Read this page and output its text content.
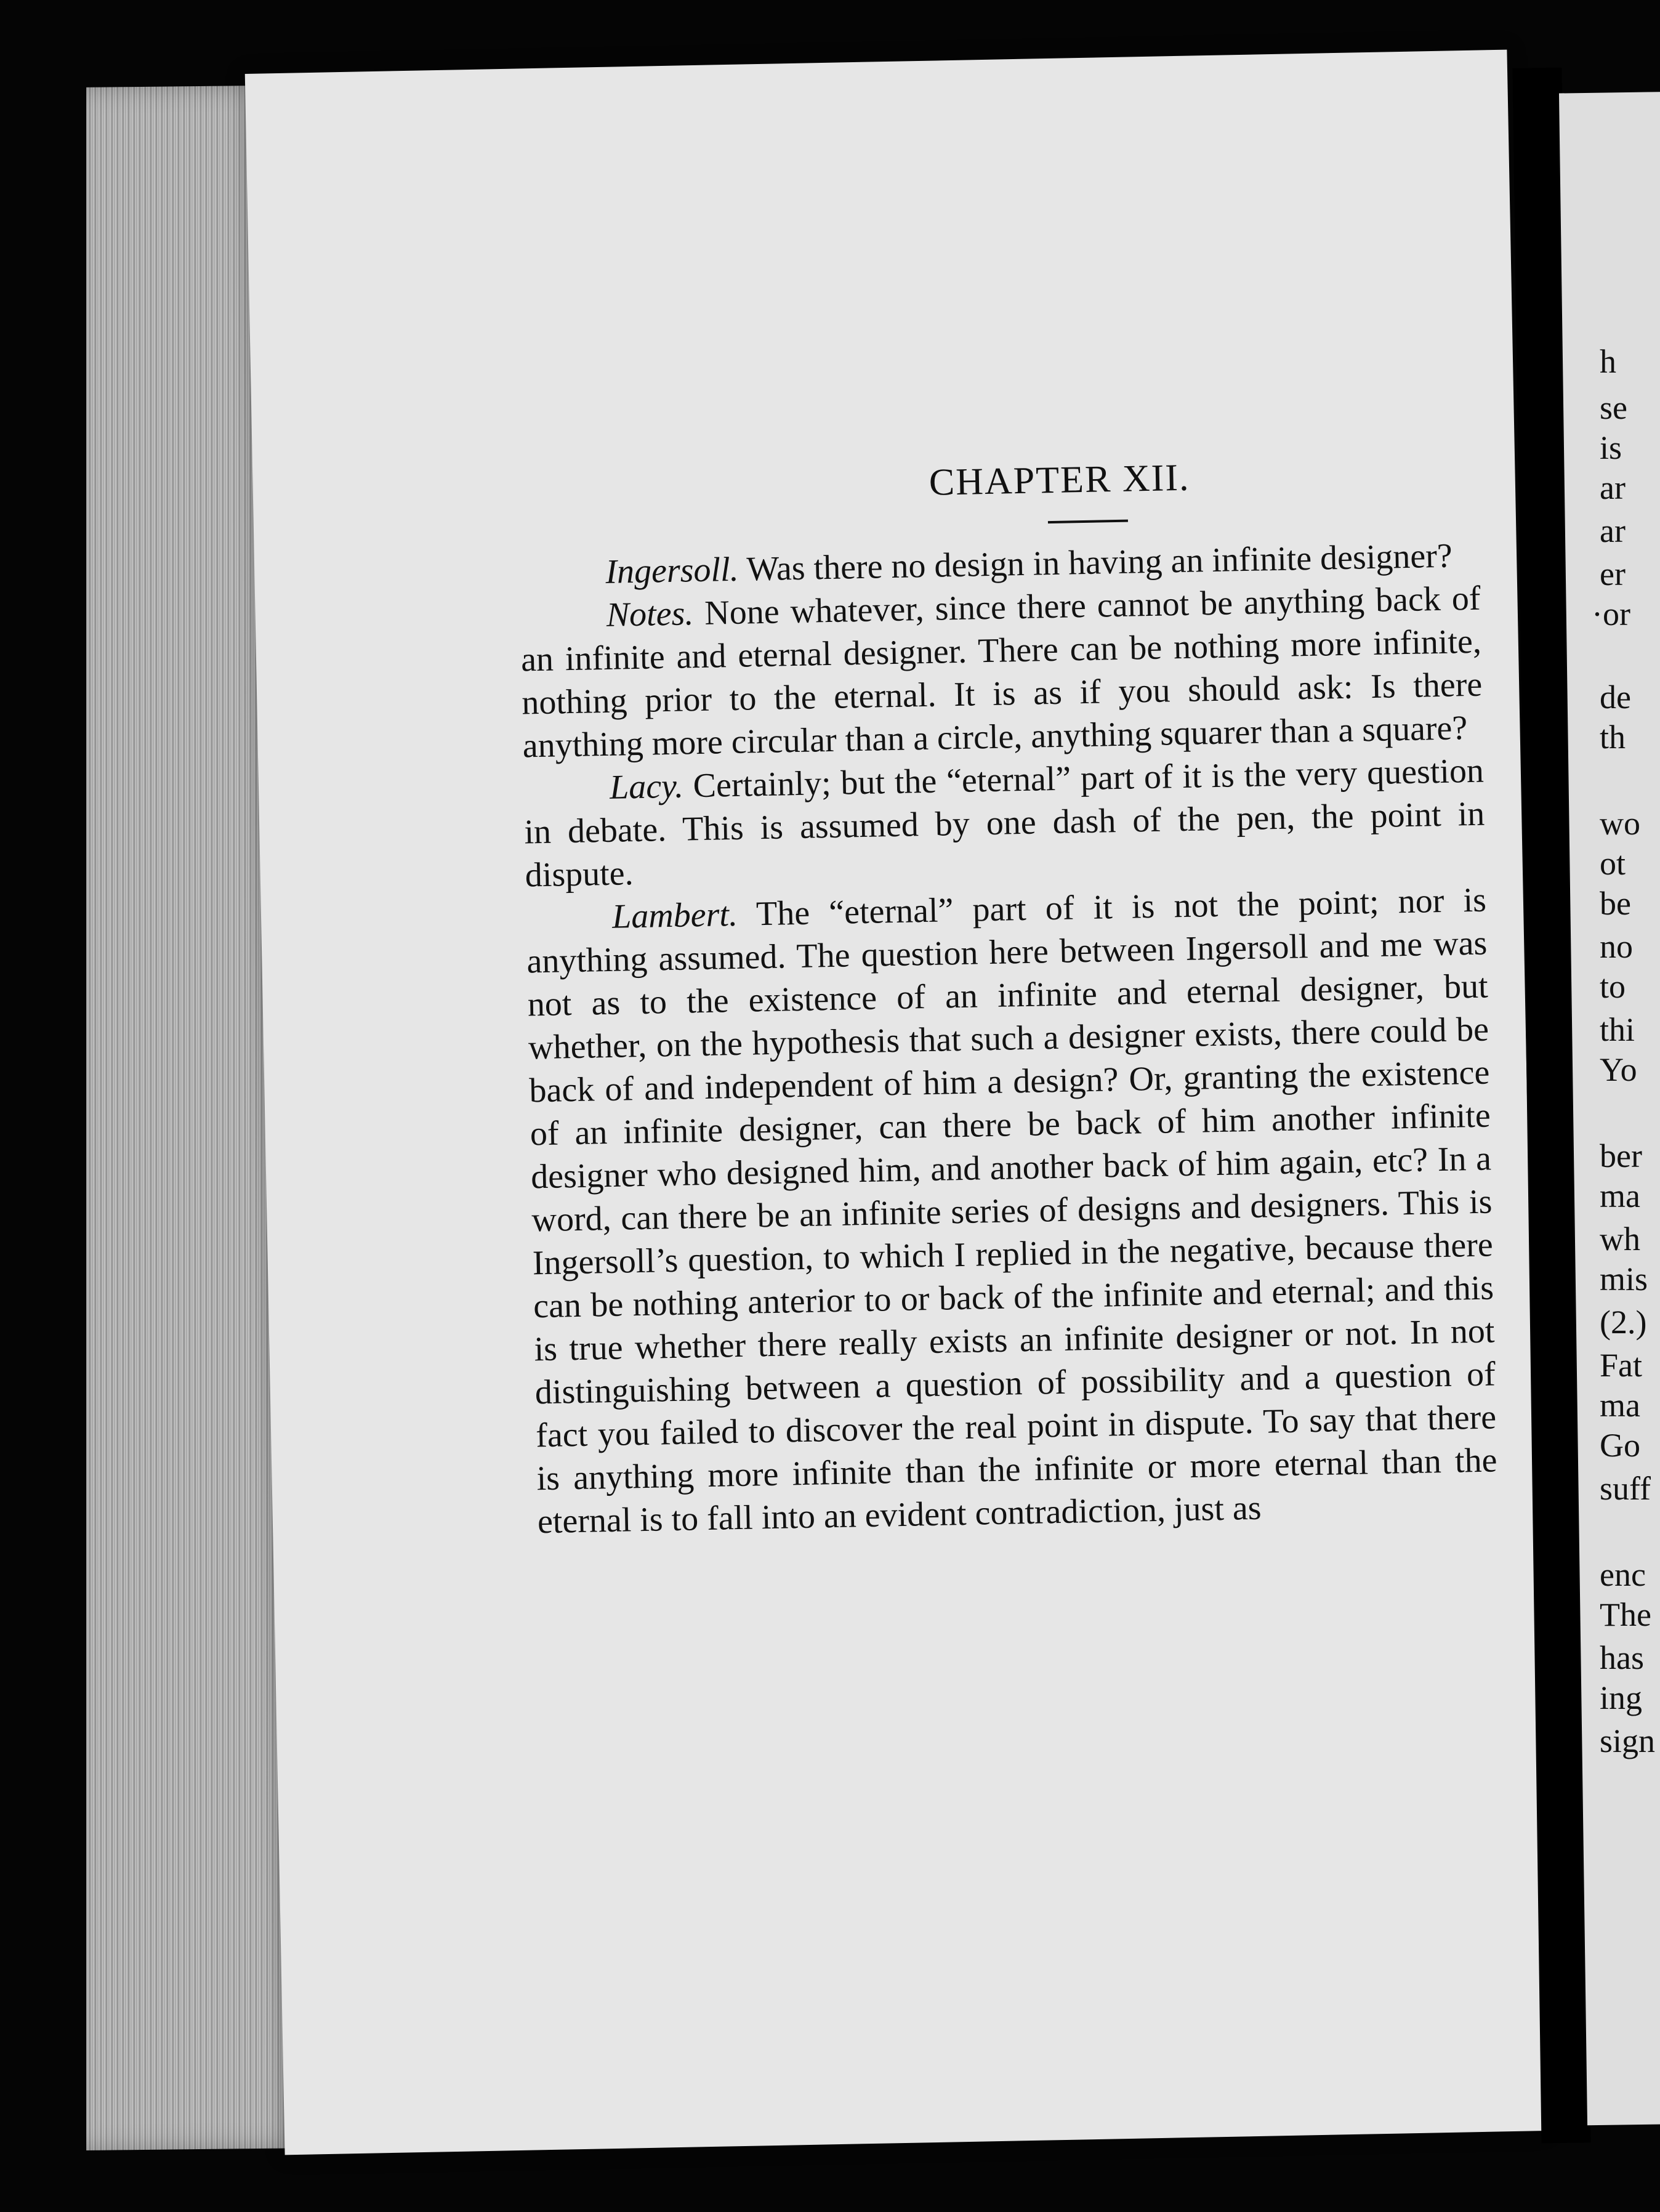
CHAPTER XII.

Ingersoll. Was there no design in having an infinite designer?

Notes. None whatever, since there cannot be anything back of an infinite and eternal designer. There can be nothing more infinite, nothing prior to the eternal. It is as if you should ask: Is there anything more circular than a circle, anything squarer than a square?

Lacy. Certainly; but the “eternal” part of it is the very question in debate. This is assumed by one dash of the pen, the point in dispute.

Lambert. The “eternal” part of it is not the point; nor is anything assumed. The question here between Ingersoll and me was not as to the existence of an infinite and eternal designer, but whether, on the hypothesis that such a designer exists, there could be back of and independent of him a design? Or, granting the existence of an infinite designer, can there be back of him another infinite designer who designed him, and another back of him again, etc? In a word, can there be an infinite series of designs and designers. This is Ingersoll’s question, to which I replied in the negative, because there can be nothing anterior to or back of the infinite and eternal; and this is true whether there really exists an infinite designer or not. In not distinguishing between a question of possibility and a question of fact you failed to discover the real point in dispute. To say that there is anything more infinite than the infinite or more eternal than the eternal is to fall into an evident contradiction, just as

h
se
is
ar
ar
er
·or
de
th
wo
ot
be
no
to
thi
Yo
ber
ma
wh
mis
(2.)
Fat
ma
Go
suff
enc
The
has
ing
sign
